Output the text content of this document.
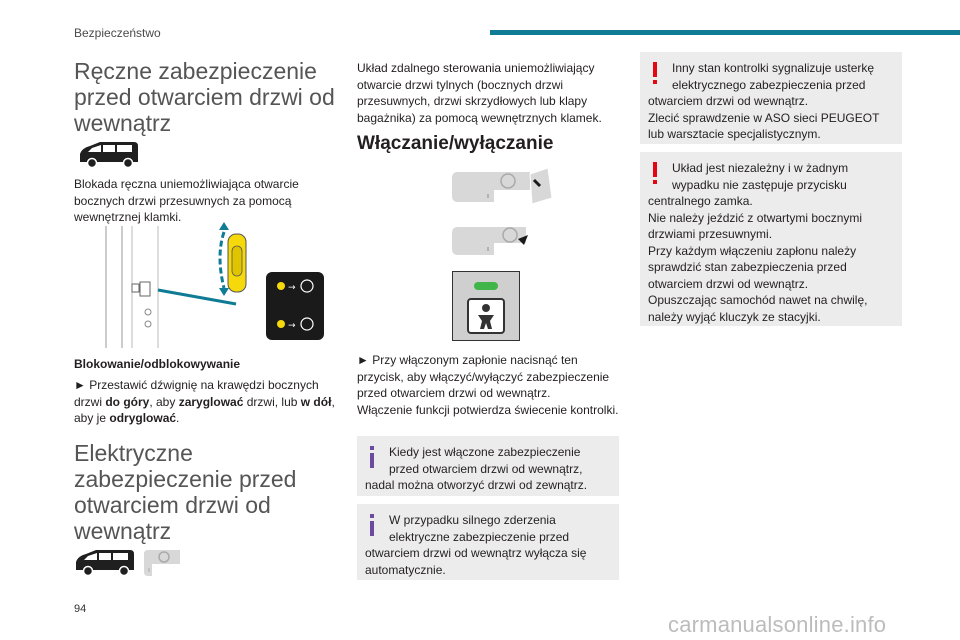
Bezpieczeństwo
Ręczne zabezpieczenie przed otwarciem drzwi od wewnątrz
Blokada ręczna uniemożliwiająca otwarcie bocznych drzwi przesuwnych za pomocą wewnętrznej klamki.
→
→
Blokowanie/odblokowywanie
► Przestawić dźwignię na krawędzi bocznych drzwi do góry, aby zaryglować drzwi, lub w dół, aby je odryglować.
Elektryczne zabezpieczenie przed otwarciem drzwi od wewnątrz
Układ zdalnego sterowania uniemożliwiający otwarcie drzwi tylnych (bocznych drzwi przesuwnych, drzwi skrzydłowych lub klapy bagażnika) za pomocą wewnętrznych klamek.
Włączanie/wyłączanie
► Przy włączonym zapłonie nacisnąć ten przycisk, aby włączyć/wyłączyć zabezpieczenie przed otwarciem drzwi od wewnątrz.
Włączenie funkcji potwierdza świecenie kontrolki.
Kiedy jest włączone zabezpieczenie przed otwarciem drzwi od wewnątrz,
nadal można otworzyć drzwi od zewnątrz.
W przypadku silnego zderzenia elektryczne zabezpieczenie przed
otwarciem drzwi od wewnątrz wyłącza się automatycznie.
Inny stan kontrolki sygnalizuje usterkę elektrycznego zabezpieczenia przed
otwarciem drzwi od wewnątrz.
Zlecić sprawdzenie w ASO sieci PEUGEOT lub warsztacie specjalistycznym.
Układ jest niezależny i w żadnym wypadku nie zastępuje przycisku
centralnego zamka.
Nie należy jeździć z otwartymi bocznymi drzwiami przesuwnymi.
Przy każdym włączeniu zapłonu należy sprawdzić stan zabezpieczenia przed otwarciem drzwi od wewnątrz.
Opuszczając samochód nawet na chwilę, należy wyjąć kluczyk ze stacyjki.
94
carmanualsonline.info
